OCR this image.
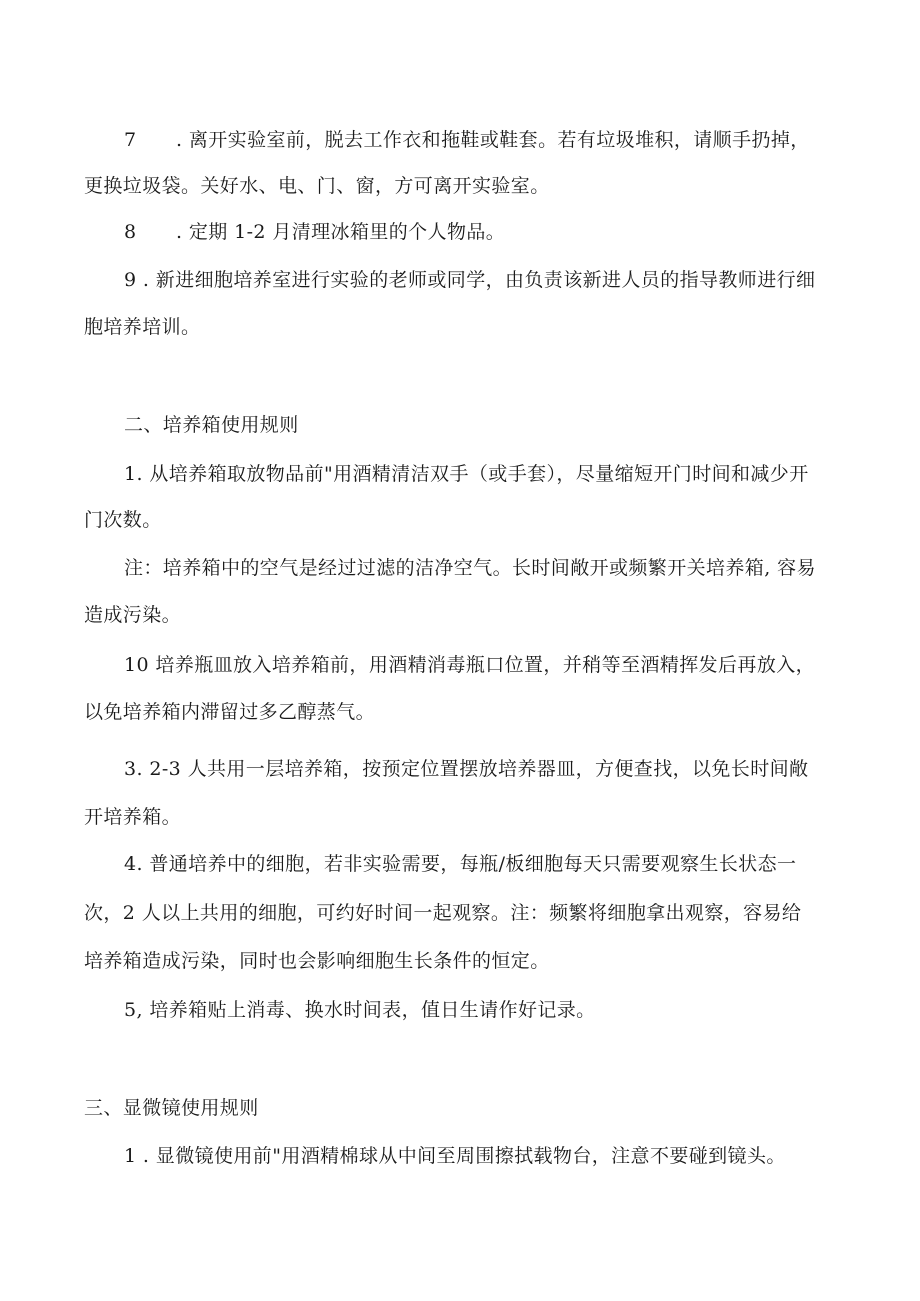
7 . 离开实验室前，脱去工作衣和拖鞋或鞋套。若有垃圾堆积，请顺手扔掉，
更换垃圾袋。关好水、电、门、窗，方可离开实验室。
8 . 定期 1-2 月清理冰箱里的个人物品。
9 . 新进细胞培养室进行实验的老师或同学，由负责该新进人员的指导教师进行细
胞培养培训。
二、培养箱使用规则
1. 从培养箱取放物品前"用酒精清洁双手（或手套），尽量缩短开门时间和减少开
门次数。
注：培养箱中的空气是经过过滤的洁净空气。长时间敞开或频繁开关培养箱, 容易
造成污染。
10 培养瓶皿放入培养箱前，用酒精消毒瓶口位置，并稍等至酒精挥发后再放入，
以免培养箱内滞留过多乙醇蒸气。
3. 2-3 人共用一层培养箱，按预定位置摆放培养器皿，方便查找，以免长时间敞
开培养箱。
4. 普通培养中的细胞，若非实验需要，每瓶/板细胞每天只需要观察生长状态一
次，2 人以上共用的细胞，可约好时间一起观察。注：频繁将细胞拿出观察，容易给
培养箱造成污染，同时也会影响细胞生长条件的恒定。
5, 培养箱贴上消毒、换水时间表，值日生请作好记录。
三、显微镜使用规则
1 . 显微镜使用前"用酒精棉球从中间至周围擦拭载物台，注意不要碰到镜头。
